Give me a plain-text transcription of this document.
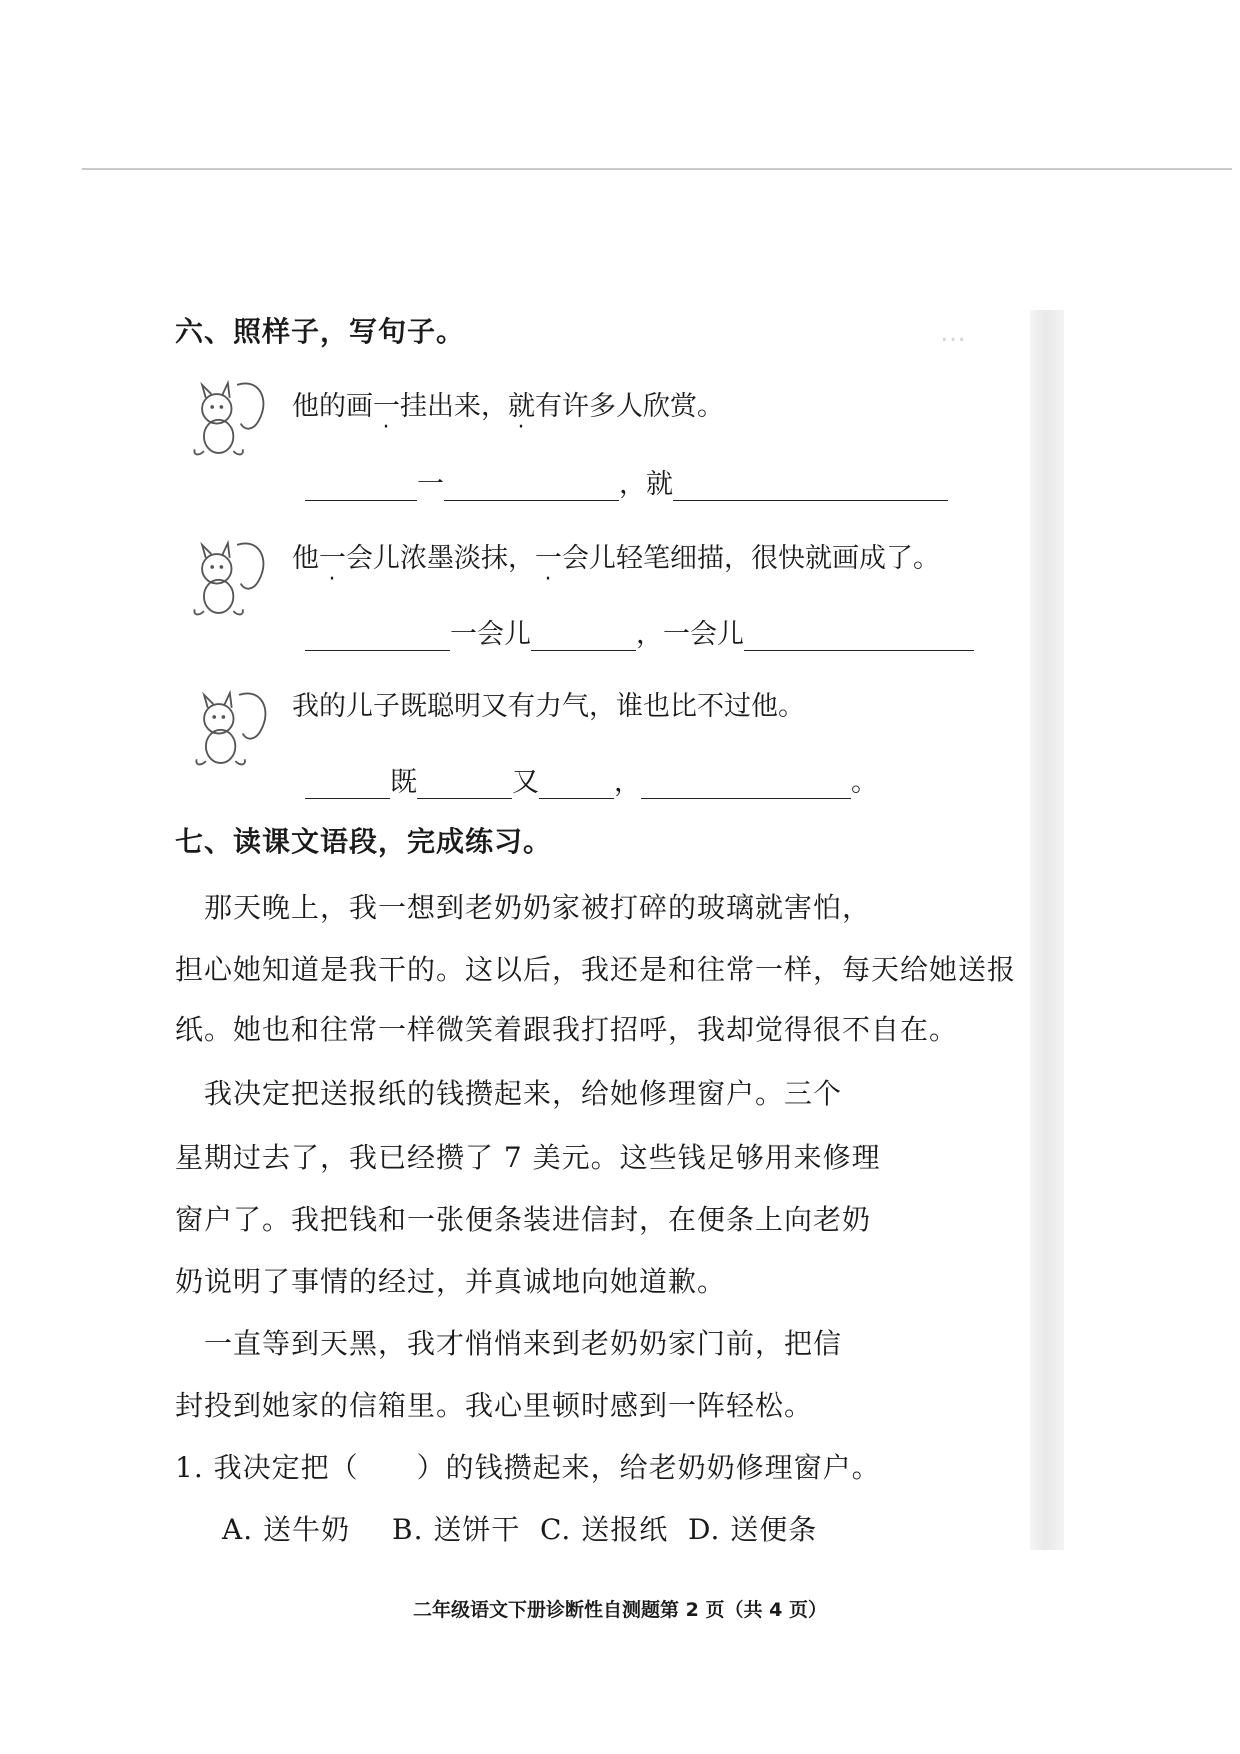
…
六、照样子，写句子。
他的画一挂出来，就有许多人欣赏。
一	，就
他一会儿浓墨淡抹，一会儿轻笔细描，很快就画成了。
一会儿	，一会儿
我的儿子既聪明又有力气，谁也比不过他。
既	又	，	。
七、读课文语段，完成练习。
　那天晚上，我一想到老奶奶家被打碎的玻璃就害怕，
担心她知道是我干的。这以后，我还是和往常一样，每天给她送报
纸。她也和往常一样微笑着跟我打招呼，我却觉得很不自在。
　我决定把送报纸的钱攒起来，给她修理窗户。三个
星期过去了，我已经攒了 7 美元。这些钱足够用来修理
窗户了。我把钱和一张便条装进信封，在便条上向老奶
奶说明了事情的经过，并真诚地向她道歉。
　一直等到天黑，我才悄悄来到老奶奶家门前，把信
封投到她家的信箱里。我心里顿时感到一阵轻松。
1. 我决定把（　　）的钱攒起来，给老奶奶修理窗户。
A. 送牛奶 B. 送饼干 C. 送报纸 D. 送便条
二年级语文下册诊断性自测题第 2 页（共 4 页）
